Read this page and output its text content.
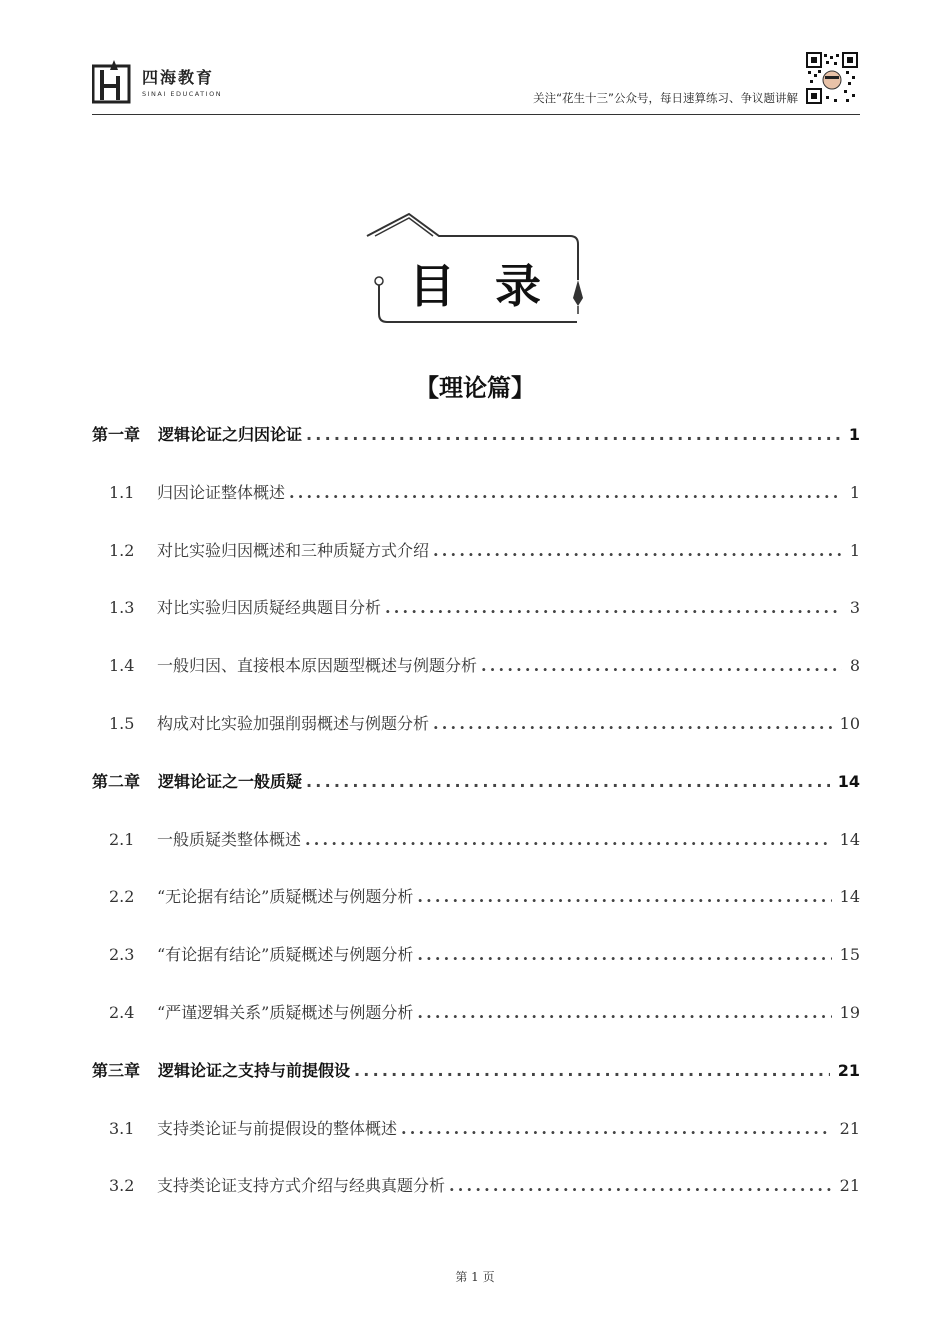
四海教育
SINAI EDUCATION	关注“花生十三”公众号，每日速算练习、争议题讲解
目录
【理论篇】
第一章 逻辑论证之归因论证 .....	1
1.1	归因论证整体概述 .....	1
1.2	对比实验归因概述和三种质疑方式介绍 .....	1
1.3	对比实验归因质疑经典题目分析 .....	3
1.4	一般归因、直接根本原因题型概述与例题分析 .....	8
1.5	构成对比实验加强削弱概述与例题分析 .....	10
第二章 逻辑论证之一般质疑 .....	14
2.1	一般质疑类整体概述 .....	14
2.2	“无论据有结论”质疑概述与例题分析 .....	14
2.3	“有论据有结论”质疑概述与例题分析 .....	15
2.4	“严谨逻辑关系”质疑概述与例题分析 .....	19
第三章 逻辑论证之支持与前提假设 .....	21
3.1	支持类论证与前提假设的整体概述 .....	21
3.2	支持类论证支持方式介绍与经典真题分析 .....	21
第 1 页
